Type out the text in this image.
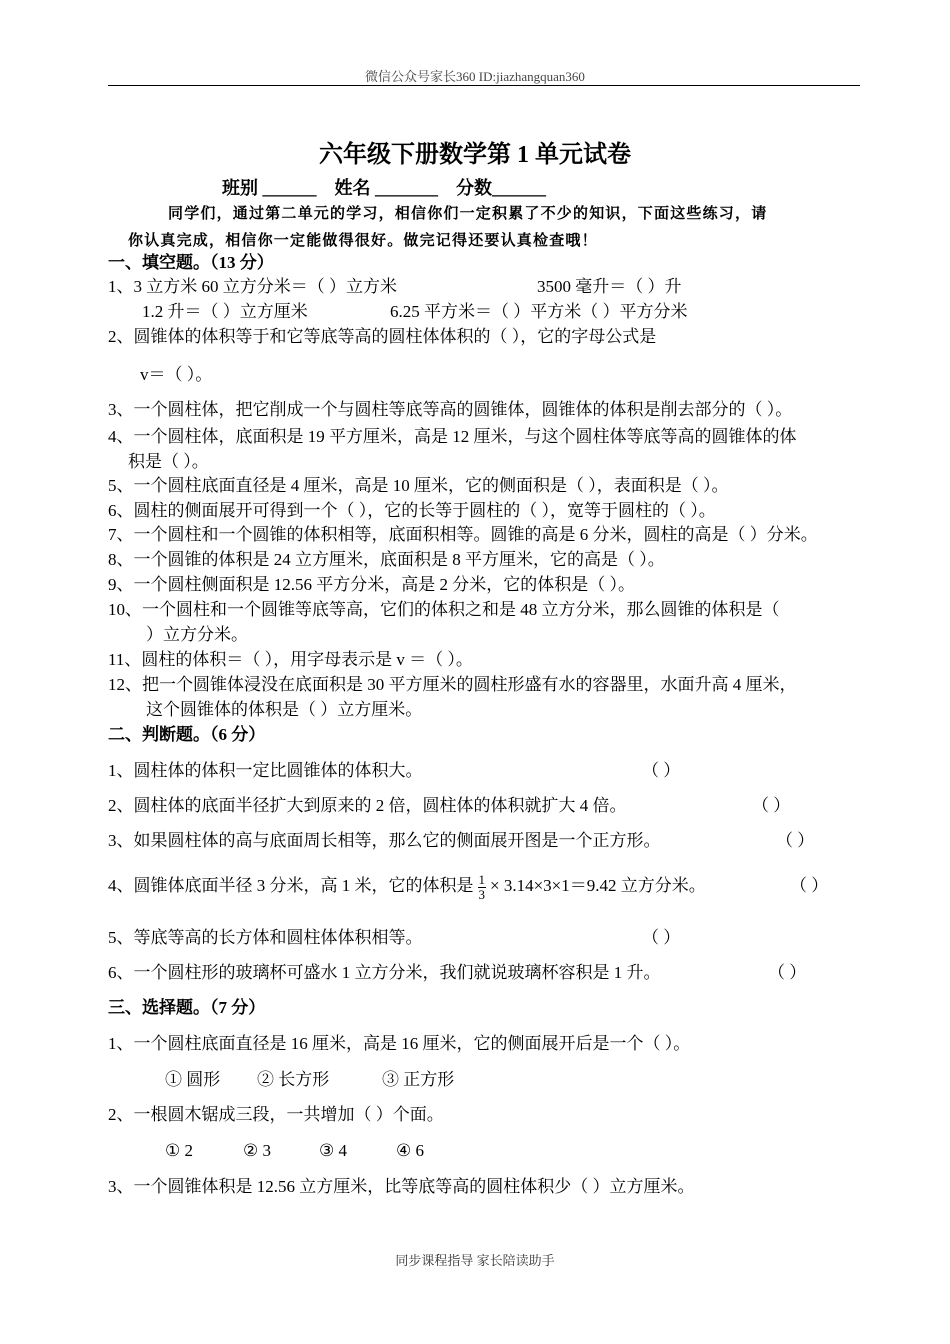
微信公众号家长360 ID:jiazhangquan360
六年级下册数学第 1 单元试卷
班别 ______    姓名 _______    分数______
同学们，通过第二单元的学习，相信你们一定积累了不少的知识，下面这些练习，请
你认真完成，相信你一定能做得很好。做完记得还要认真检查哦！
一、填空题。（13 分）
1、3 立方米 60 立方分米＝（ ）立方米	3500 毫升＝（ ）升
1.2 升＝（ ）立方厘米	6.25 平方米＝（ ）平方米（ ）平方分米
2、圆锥体的体积等于和它等底等高的圆柱体体积的（ ），它的字母公式是
v＝（ ）。
3、一个圆柱体，把它削成一个与圆柱等底等高的圆锥体，圆锥体的体积是削去部分的（ ）。
4、一个圆柱体，底面积是 19 平方厘米，高是 12 厘米，与这个圆柱体等底等高的圆锥体的体
积是（ ）。
5、一个圆柱底面直径是 4 厘米，高是 10 厘米，它的侧面积是（ ），表面积是（ ）。
6、圆柱的侧面展开可得到一个（ ），它的长等于圆柱的（ ），宽等于圆柱的（ ）。
7、一个圆柱和一个圆锥的体积相等，底面积相等。圆锥的高是 6 分米，圆柱的高是（ ）分米。
8、一个圆锥的体积是 24 立方厘米，底面积是 8 平方厘米，它的高是（ ）。
9、一个圆柱侧面积是 12.56 平方分米，高是 2 分米，它的体积是（ ）。
10、一个圆柱和一个圆锥等底等高，它们的体积之和是 48 立方分米，那么圆锥的体积是（
）立方分米。
11、圆柱的体积＝（ ），用字母表示是 v ＝（ ）。
12、把一个圆锥体浸没在底面积是 30 平方厘米的圆柱形盛有水的容器里，水面升高 4 厘米，
这个圆锥体的体积是（ ）立方厘米。
二、判断题。（6 分）
1、圆柱体的体积一定比圆锥体的体积大。	（ ）
2、圆柱体的底面半径扩大到原来的 2 倍，圆柱体的体积就扩大 4 倍。	（ ）
3、如果圆柱体的高与底面周长相等，那么它的侧面展开图是一个正方形。	（ ）
4、圆锥体底面半径 3 分米，高 1 米，它的体积是 $\frac{1}{3} \times 3.14\times 3\times 1=9.42$ 立方分米。	（ ）
5、等底等高的长方体和圆柱体体积相等。	（ ）
6、一个圆柱形的玻璃杯可盛水 1 立方分米，我们就说玻璃杯容积是 1 升。	（ ）
三、选择题。（7 分）
1、一个圆柱底面直径是 16 厘米，高是 16 厘米，它的侧面展开后是一个（ ）。
① 圆形 ② 长方形	③ 正方形
2、一根圆木锯成三段，一共增加（ ）个面。
① 2	② 3	③ 4	④ 6
3、一个圆锥体积是 12.56 立方厘米，比等底等高的圆柱体积少（ ）立方厘米。
同步课程指导 家长陪读助手
